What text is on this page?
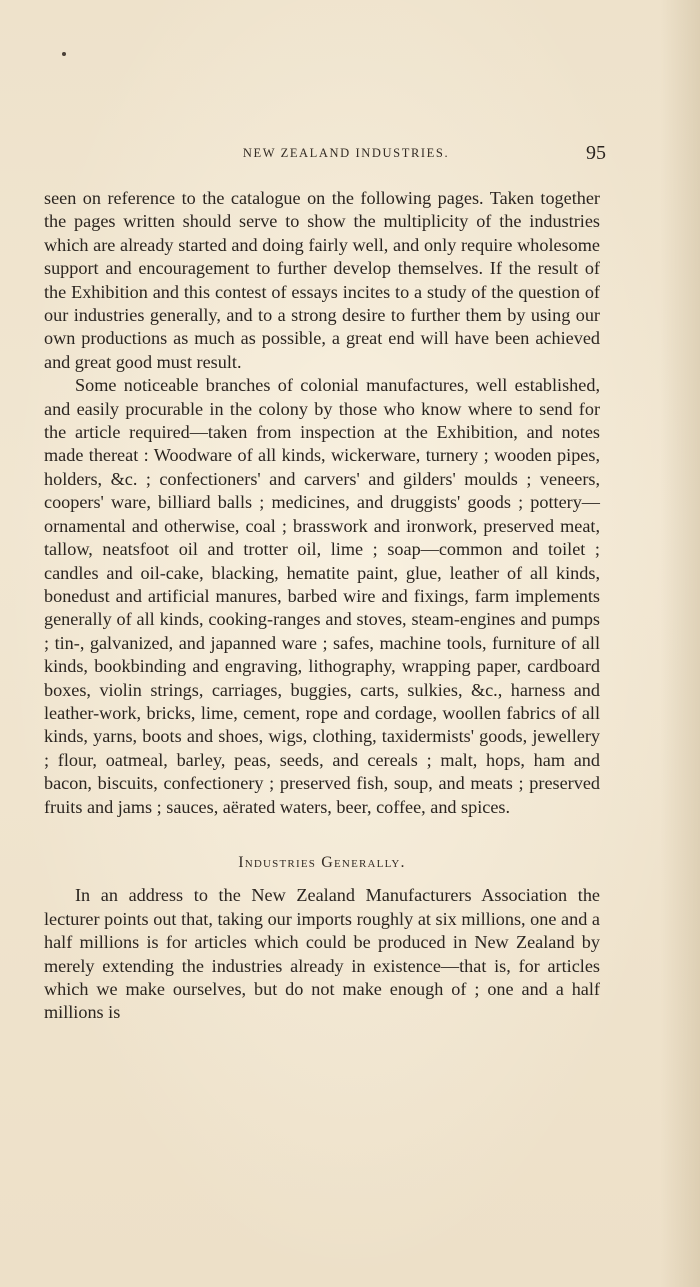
NEW ZEALAND INDUSTRIES.	95

seen on reference to the catalogue on the following pages. Taken together the pages written should serve to show the multiplicity of the industries which are already started and doing fairly well, and only require wholesome support and encouragement to further develop themselves. If the result of the Exhibition and this contest of essays incites to a study of the question of our industries generally, and to a strong desire to further them by using our own productions as much as possible, a great end will have been achieved and great good must result.

Some noticeable branches of colonial manufactures, well established, and easily procurable in the colony by those who know where to send for the article required—taken from inspection at the Exhibition, and notes made thereat : Woodware of all kinds, wickerware, turnery ; wooden pipes, holders, &c. ; confectioners' and carvers' and gilders' moulds ; veneers, coopers' ware, billiard balls ; medicines, and druggists' goods ; pottery—ornamental and otherwise, coal ; brasswork and ironwork, preserved meat, tallow, neatsfoot oil and trotter oil, lime ; soap—common and toilet ; candles and oil-cake, blacking, hematite paint, glue, leather of all kinds, bonedust and artificial manures, barbed wire and fixings, farm implements generally of all kinds, cooking-ranges and stoves, steam-engines and pumps ; tin-, galvanized, and japanned ware ; safes, machine tools, furniture of all kinds, bookbinding and engraving, lithography, wrapping paper, cardboard boxes, violin strings, carriages, buggies, carts, sulkies, &c., harness and leather-work, bricks, lime, cement, rope and cordage, woollen fabrics of all kinds, yarns, boots and shoes, wigs, clothing, taxidermists' goods, jewellery ; flour, oatmeal, barley, peas, seeds, and cereals ; malt, hops, ham and bacon, biscuits, confectionery ; preserved fish, soup, and meats ; preserved fruits and jams ; sauces, aërated waters, beer, coffee, and spices.

Industries Generally.

In an address to the New Zealand Manufacturers Association the lecturer points out that, taking our imports roughly at six millions, one and a half millions is for articles which could be produced in New Zealand by merely extending the industries already in existence—that is, for articles which we make ourselves, but do not make enough of ; one and a half millions is
